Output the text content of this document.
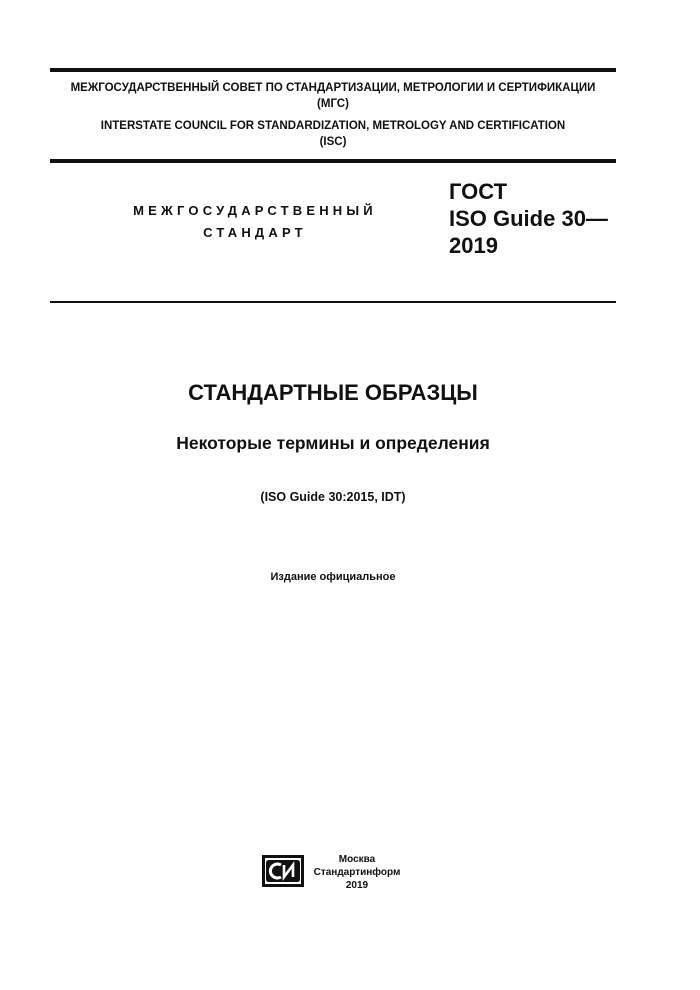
МЕЖГОСУДАРСТВЕННЫЙ СОВЕТ ПО СТАНДАРТИЗАЦИИ, МЕТРОЛОГИИ И СЕРТИФИКАЦИИ
(МГС)
INTERSTATE COUNCIL FOR STANDARDIZATION, METROLOGY AND CERTIFICATION
(ISC)
МЕЖГОСУДАРСТВЕННЫЙ
СТАНДАРТ
ГОСТ
ISO Guide 30—
2019
СТАНДАРТНЫЕ ОБРАЗЦЫ
Некоторые термины и определения
(ISO Guide 30:2015, IDT)
Издание официальное
Москва
Стандартинформ
2019
